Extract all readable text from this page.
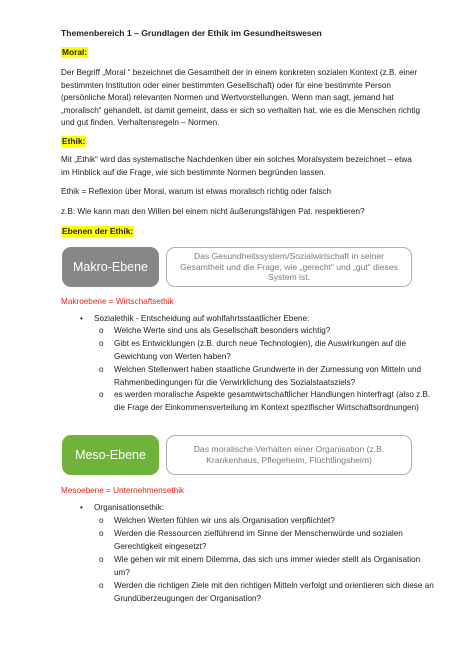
Themenbereich 1 – Grundlagen der Ethik im Gesundheitswesen

Moral:

Der Begriff „Moral “ bezeichnet die Gesamtheit der in einem konkreten sozialen Kontext (z.B. einer bestimmten Institution oder einer bestimmten Gesellschaft) oder für eine bestimmte Person (persönliche Moral) relevanten Normen und Wertvorstellungen. Wenn man sagt, jemand hat „moralisch“ gehandelt, ist damit gemeint, dass er sich so verhalten hat, wie es die Menschen richtig und gut finden. Verhaltensregeln – Normen.

Ethik:

Mit „Ethik“ wird das systematische Nachdenken über ein solches Moralsystem bezeichnet – etwa im Hinblick auf die Frage, wie sich bestimmte Normen begründen lassen.

Ethik = Reflexion über Moral, warum ist etwas moralisch richtig oder falsch

z.B: Wie kann man den Willen bei einem nicht äußerungsfähigen Pat. respektieren?

Ebenen der Ethik:
Makro-Ebene
Das Gesundheitssystem/Sozialwirtschaft in seiner Gesamtheit und die Frage, wie „gerecht“ und „gut“ dieses System ist.

Makroebene = Wirtschaftsethik

• Sozialethik - Entscheidung auf wohlfahrtsstaatlicher Ebene:
o Welche Werte sind uns als Gesellschaft besonders wichtig?
o Gibt es Entwicklungen (z.B. durch neue Technologien), die Auswirkungen auf die Gewichtung von Werten haben?
o Welchen Stellenwert haben staatliche Grundwerte in der Zumessung von Mitteln und Rahmenbedingungen für die Verwirklichung des Sozialstaatsziels?
o es werden moralische Aspekte gesamtwirtschaftlicher Handlungen hinterfragt (also z.B. die Frage der Einkommensverteilung im Kontext spezifischer Wirtschaftsordnungen)
Meso-Ebene	Das moralische Verhalten einer Organisation (z.B. Krankenhaus, Pflegeheim, Flüchtlingsheim)

Mesoebene = Unternehmensethik

• Organisationsethik:
o Welchen Werten fühlen wir uns als Organisation verpflichtet?
o Werden die Ressourcen zielführend im Sinne der Menschenwürde und sozialen Gerechtigkeit eingesetzt?
o Wie gehen wir mit einem Dilemma, das sich uns immer wieder stellt als Organisation um?
o Werden die richtigen Ziele mit den richtigen Mitteln verfolgt und orientieren sich diese an Grundüberzeugungen der Organisation?
